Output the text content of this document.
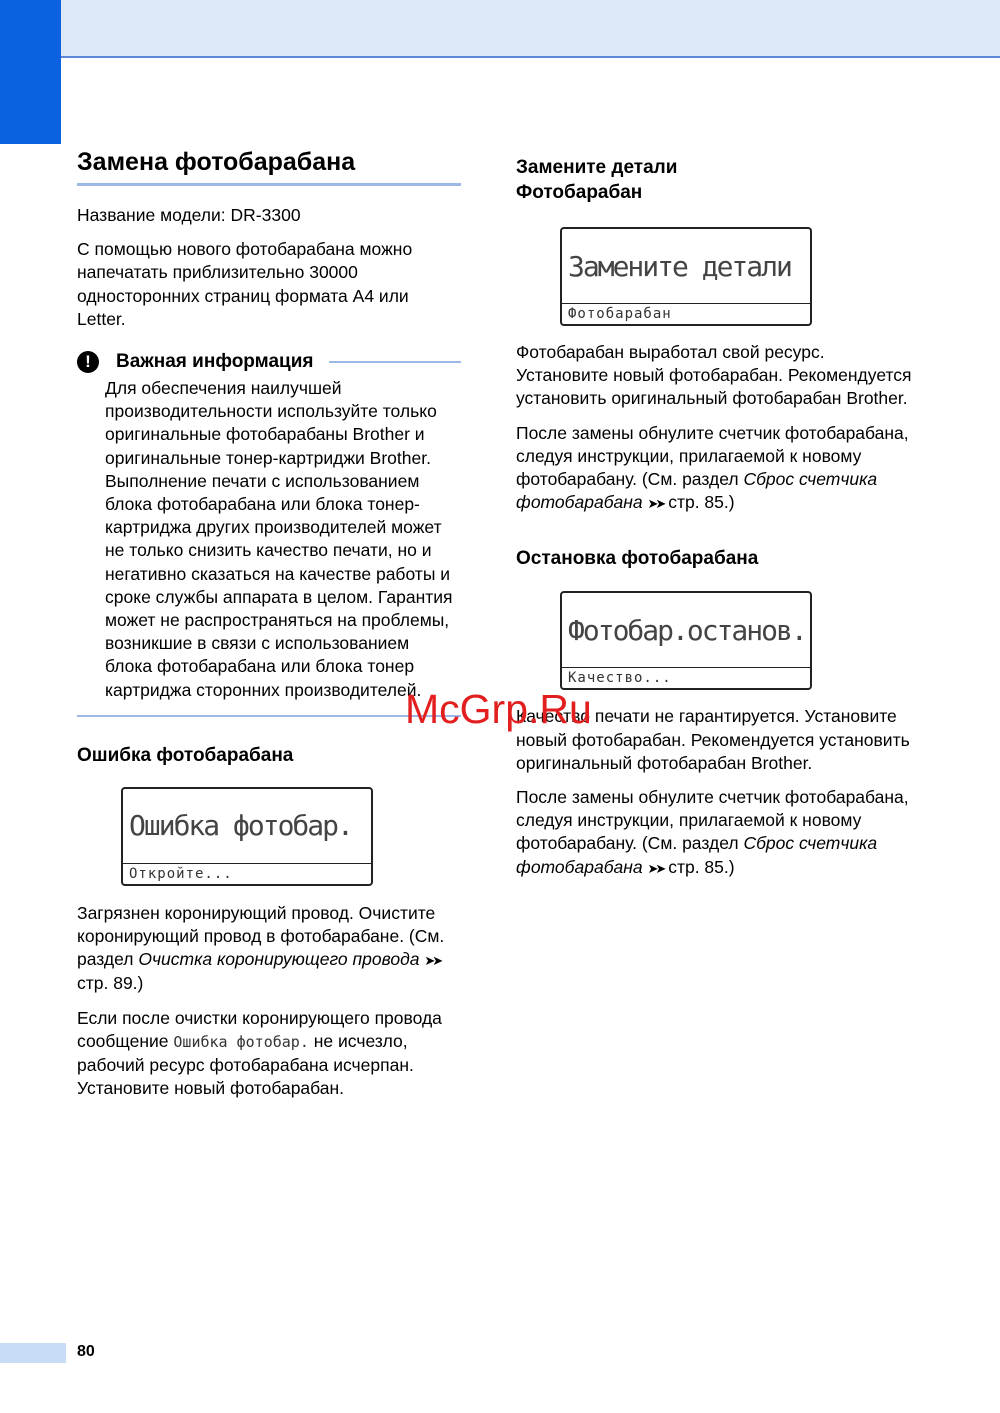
Замена фотобарабана

Название модели: DR-3300

С помощью нового фотобарабана можно напечатать приблизительно 30000 односторонних страниц формата A4 или Letter.

!	Важная информация

Для обеспечения наилучшей производительности используйте только оригинальные фотобарабаны Brother и оригинальные тонер-картриджи Brother. Выполнение печати с использованием блока фотобарабана или блока тонер-картриджа других производителей может не только снизить качество печати, но и негативно сказаться на качестве работы и сроке службы аппарата в целом. Гарантия может не распространяться на проблемы, возникшие в связи с использованием блока фотобарабана или блока тонер картриджа сторонних производителей.

Ошибка фотобарабана
Ошибка фотобар.
Откройте...

Загрязнен коронирующий провод. Очистите коронирующий провод в фотобарабане. (См. раздел Очистка коронирующего провода ➤➤ стр. 89.)

Если после очистки коронирующего провода сообщение Ошибка фотобар. не исчезло, рабочий ресурс фотобарабана исчерпан. Установите новый фотобарабан.

Замените детали
Фотобарабан
Замените детали
Фотобарабан

Фотобарабан выработал свой ресурс. Установите новый фотобарабан. Рекомендуется установить оригинальный фотобарабан Brother.

После замены обнулите счетчик фотобарабана, следуя инструкции, прилагаемой к новому фотобарабану. (См. раздел Сброс счетчика фотобарабана ➤➤ стр. 85.)

Остановка фотобарабана
Фотобар.останов.
Качество...

Качество печати не гарантируется. Установите новый фотобарабан. Рекомендуется установить оригинальный фотобарабан Brother.

После замены обнулите счетчик фотобарабана, следуя инструкции, прилагаемой к новому фотобарабану. (См. раздел Сброс счетчика фотобарабана ➤➤ стр. 85.)

McGrp.Ru
80
